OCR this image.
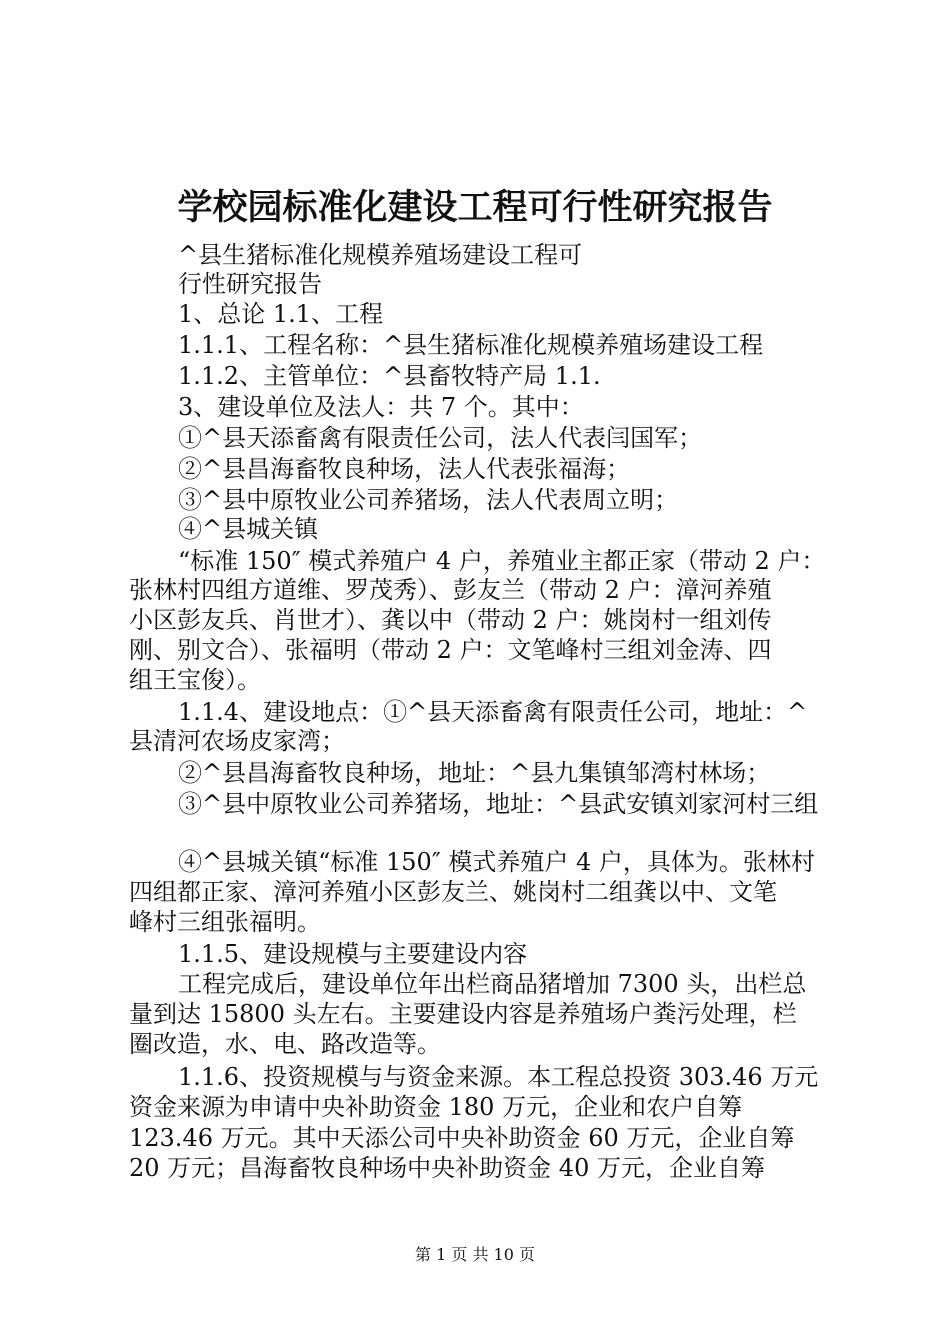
学校园标准化建设工程可行性研究报告
^县生猪标准化规模养殖场建设工程可
行性研究报告
1、总论 1.1、工程
1.1.1、工程名称：^县生猪标准化规模养殖场建设工程
1.1.2、主管单位：^县畜牧特产局 1.1.
3、建设单位及法人：共 7 个。其中：
①^县天添畜禽有限责任公司，法人代表闫国军；
②^县昌海畜牧良种场，法人代表张福海；
③^县中原牧业公司养猪场，法人代表周立明；
④^县城关镇
“标准 150″ 模式养殖户 4 户，养殖业主都正家（带动 2 户：
张林村四组方道维、罗茂秀）、彭友兰（带动 2 户：漳河养殖
小区彭友兵、肖世才）、龚以中（带动 2 户：姚岗村一组刘传
刚、别文合）、张福明（带动 2 户：文笔峰村三组刘金涛、四
组王宝俊）。
1.1.4、建设地点：①^县天添畜禽有限责任公司，地址：^
县清河农场皮家湾；
②^县昌海畜牧良种场，地址：^县九集镇邹湾村林场；
③^县中原牧业公司养猪场，地址：^县武安镇刘家河村三组
④^县城关镇“标准 150″ 模式养殖户 4 户，具体为。张林村
四组都正家、漳河养殖小区彭友兰、姚岗村二组龚以中、文笔
峰村三组张福明。
1.1.5、建设规模与主要建设内容
工程完成后，建设单位年出栏商品猪增加 7300 头，出栏总
量到达 15800 头左右。主要建设内容是养殖场户粪污处理，栏
圈改造，水、电、路改造等。
1.1.6、投资规模与与资金来源。本工程总投资 303.46 万元
资金来源为申请中央补助资金 180 万元，企业和农户自筹
123.46 万元。其中天添公司中央补助资金 60 万元，企业自筹
20 万元；昌海畜牧良种场中央补助资金 40 万元，企业自筹
第 1 页 共 10 页
